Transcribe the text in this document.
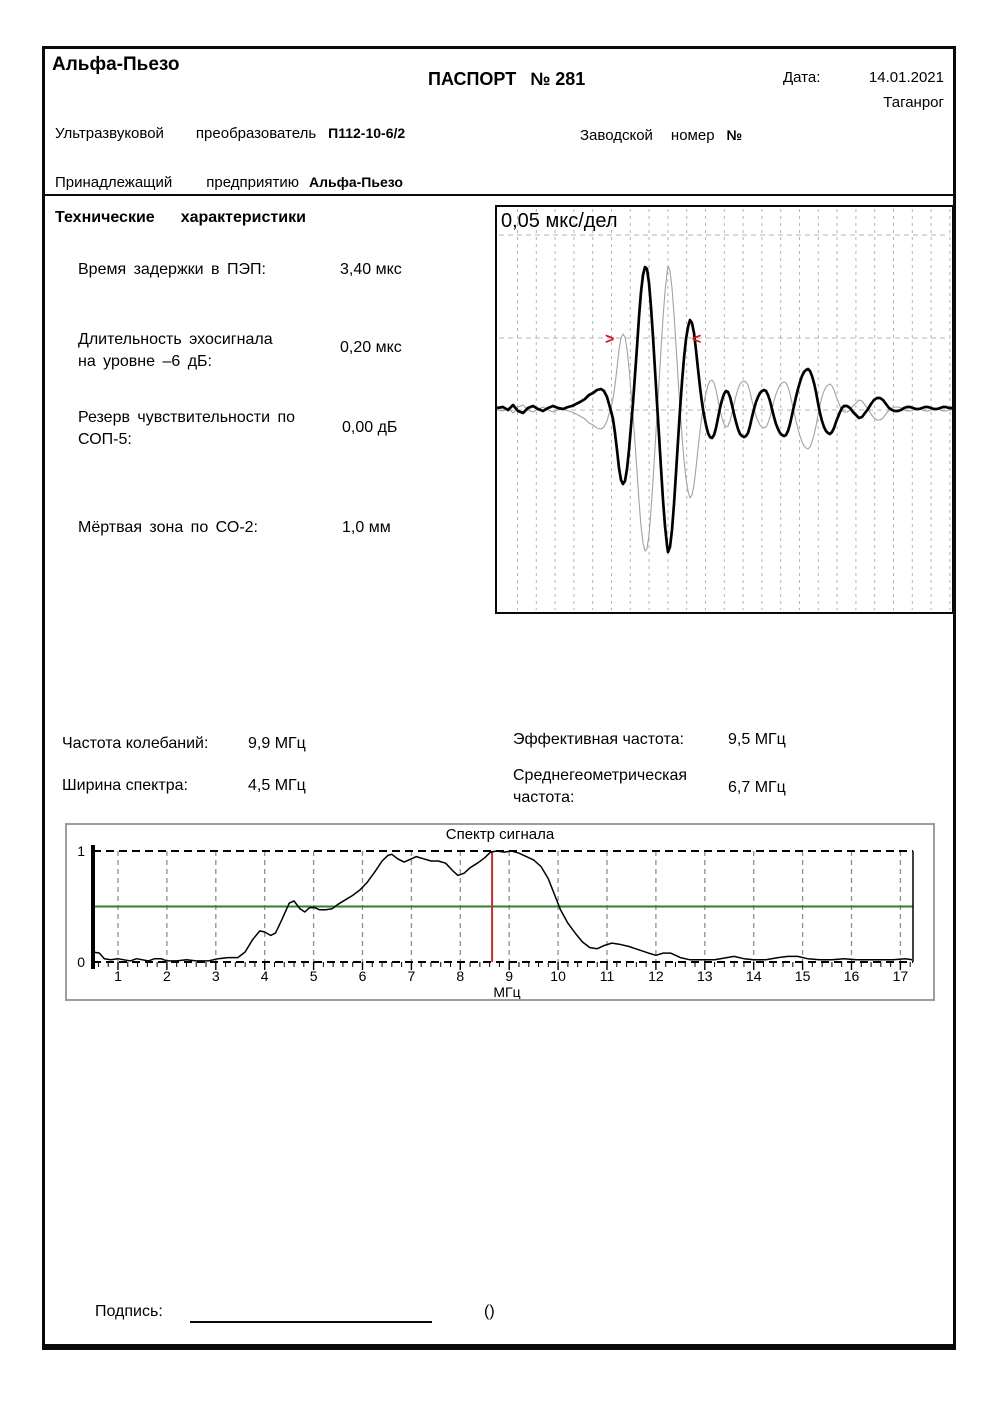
Альфа-Пьезо
ПАСПОРТ № 281	Дата:	14.01.2021
Таганрог
Ультразвуковой преобразователь П112-10-6/2	Заводской номер №
Принадлежащий предприятию Альфа-Пьезо
Технические характеристики
Время задержки в ПЭП:	3,40 мкс
Длительность эхосигнала
на уровне –6 дБ:
0,20 мкс
Резерв чувствительности по
СОП-5:
0,00 дБ
Мёртвая зона по СО-2:	1,0 мм
>	<
0,05 мкс/дел
Частота колебаний: 9,9 МГц
Ширина спектра:	4,5 МГц
Эффективная частота:	9,5 МГц
Среднегеометрическая
частота:
6,7 МГц
Спектр сигнала
1	2	3	4	5	6	7	8	9	10 11 12 13 14 15 16 17
1
0
МГц
Подпись:	()
